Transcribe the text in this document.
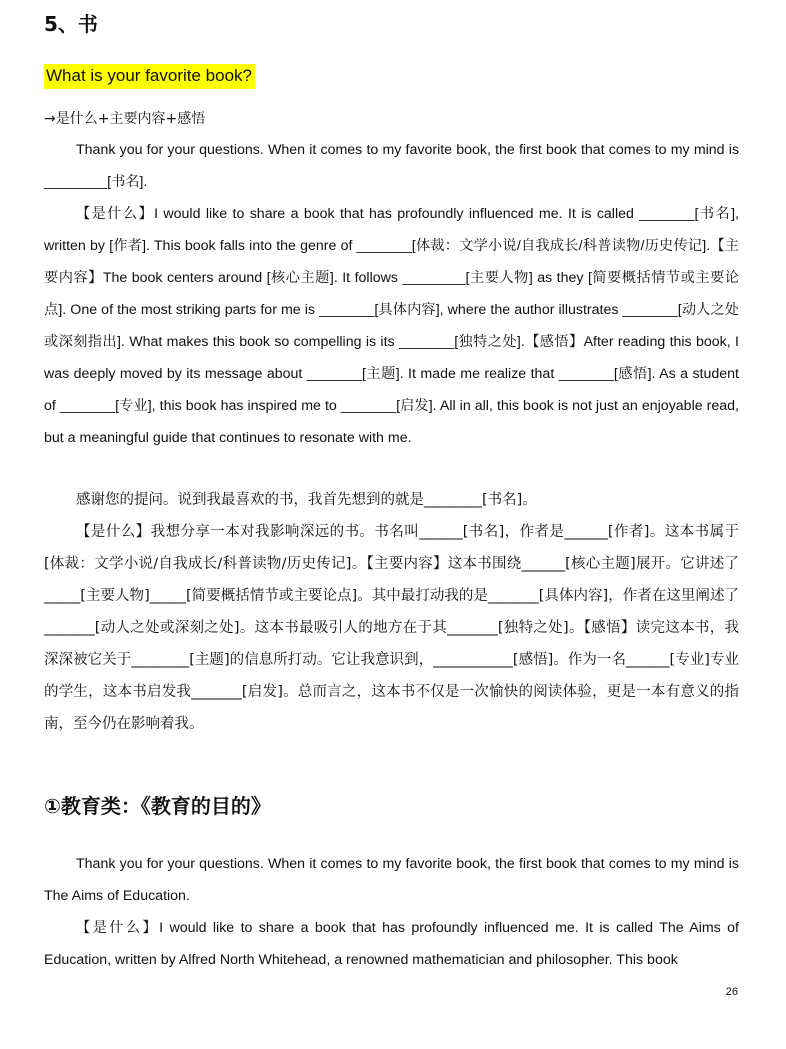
5、书
What is your favorite book?
→是什么+主要内容+感悟

Thank you for your questions. When it comes to my favorite book, the first book that comes to my mind is ________[书名].

【是什么】I would like to share a book that has profoundly influenced me. It is called _______[书名], written by [作者]. This book falls into the genre of _______[体裁：文学小说/自我成长/科普读物/历史传记].【主要内容】The book centers around [核心主题]. It follows ________[主要人物] as they [简要概括情节或主要论点]. One of the most striking parts for me is _______[具体内容], where the author illustrates _______[动人之处或深刻指出]. What makes this book so compelling is its _______[独特之处].【感悟】After reading this book, I was deeply moved by its message about _______[主题]. It made me realize that _______[感悟]. As a student of _______[专业], this book has inspired me to _______[启发]. All in all, this book is not just an enjoyable read, but a meaningful guide that continues to resonate with me.

感谢您的提问。说到我最喜欢的书，我首先想到的就是________[书名]。

【是什么】我想分享一本对我影响深远的书。书名叫______[书名]，作者是______[作者]。这本书属于[体裁：文学小说/自我成长/科普读物/历史传记]。【主要内容】这本书围绕______[核心主题]展开。它讲述了_____[主要人物]_____[简要概括情节或主要论点]。其中最打动我的是_______[具体内容]，作者在这里阐述了_______[动人之处或深刻之处]。这本书最吸引人的地方在于其_______[独特之处]。【感悟】读完这本书，我深深被它关于________[主题]的信息所打动。它让我意识到，___________[感悟]。作为一名______[专业]专业的学生，这本书启发我_______[启发]。总而言之，这本书不仅是一次愉快的阅读体验，更是一本有意义的指南，至今仍在影响着我。

①教育类：《教育的目的》

Thank you for your questions. When it comes to my favorite book, the first book that comes to my mind is The Aims of Education.

【是什么】I would like to share a book that has profoundly influenced me. It is called The Aims of Education, written by Alfred North Whitehead, a renowned mathematician and philosopher. This book

26
